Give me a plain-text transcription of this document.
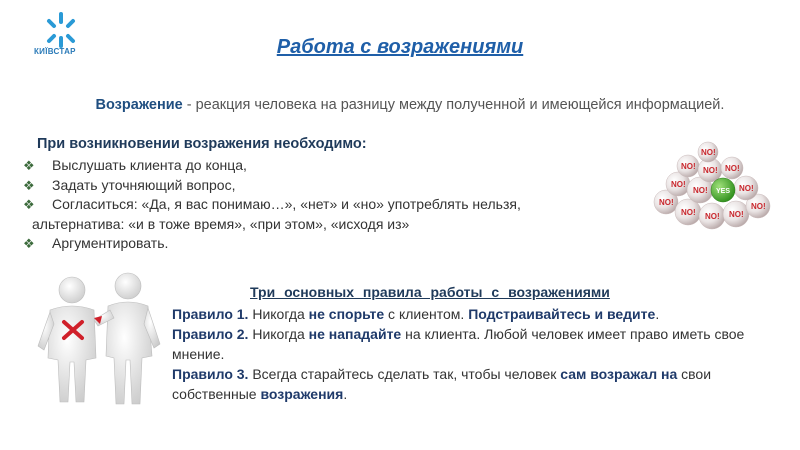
КИЇВСТАР	Работа с возражениями
Возражение - реакция человека на разницу между полученной и имеющейся информацией.
При возникновении возражения необходимо:
❖ Выслушать клиента до конца,
❖ Задать уточняющий вопрос,
❖ Согласиться: «Да, я вас понимаю…», «нет» и «но» употреблять нельзя,
альтернатива: «и в тоже время», «при этом», «исходя из»
❖ Аргументировать.
NO!
NO! NO! NO!
NO!
NO!
NO!	NO!
NO! NO! NO!
NO!
YES
Три основных правила работы с возражениями

Правило 1. Никогда не спорьте с клиентом. Подстраивайтесь и ведите.

Правило 2. Никогда не нападайте на клиента. Любой человек имеет право иметь свое мнение.

Правило 3. Всегда старайтесь сделать так, чтобы человек сам возражал на свои собственные возражения.
